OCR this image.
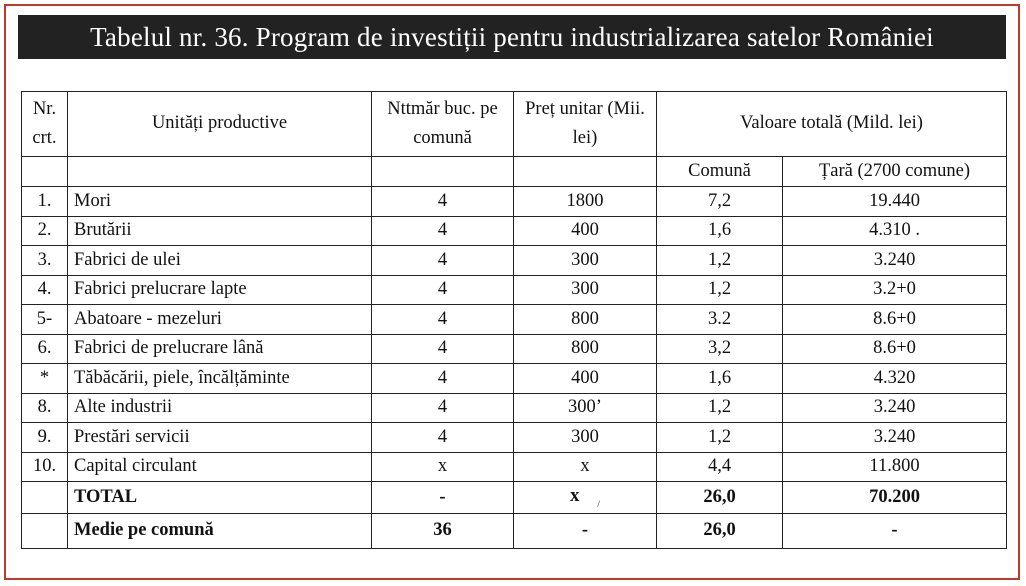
Tabelul nr. 36. Program de investiții pentru industrializarea satelor României
Nr. crt.	Unități productive	Nttmăr buc. pe comună	Preț unitar (Mii. lei)	Valoare totală (Mild. lei)	
				Comună	Țară (2700 comune)
1.	Mori	4	1800	7,2	19.440
2.	Brutării	4	400	1,6	4.310 .
3.	Fabrici de ulei	4	300	1,2	3.240
4.	Fabrici prelucrare lapte	4	300	1,2	3.2+0
5-	Abatoare - mezeluri	4	800	3.2	8.6+0
6.	Fabrici de prelucrare lână	4	800	3,2	8.6+0
*	Tăbăcării, piele, încălțăminte	4	400	1,6	4.320
8.	Alte industrii	4	300’	1,2	3.240
9.	Prestări servicii	4	300	1,2	3.240
10.	Capital circulant	x	x	4,4	11.800
	TOTAL	-	x $_/$	26,0	70.200
	Medie pe comună	36	-	26,0	-
